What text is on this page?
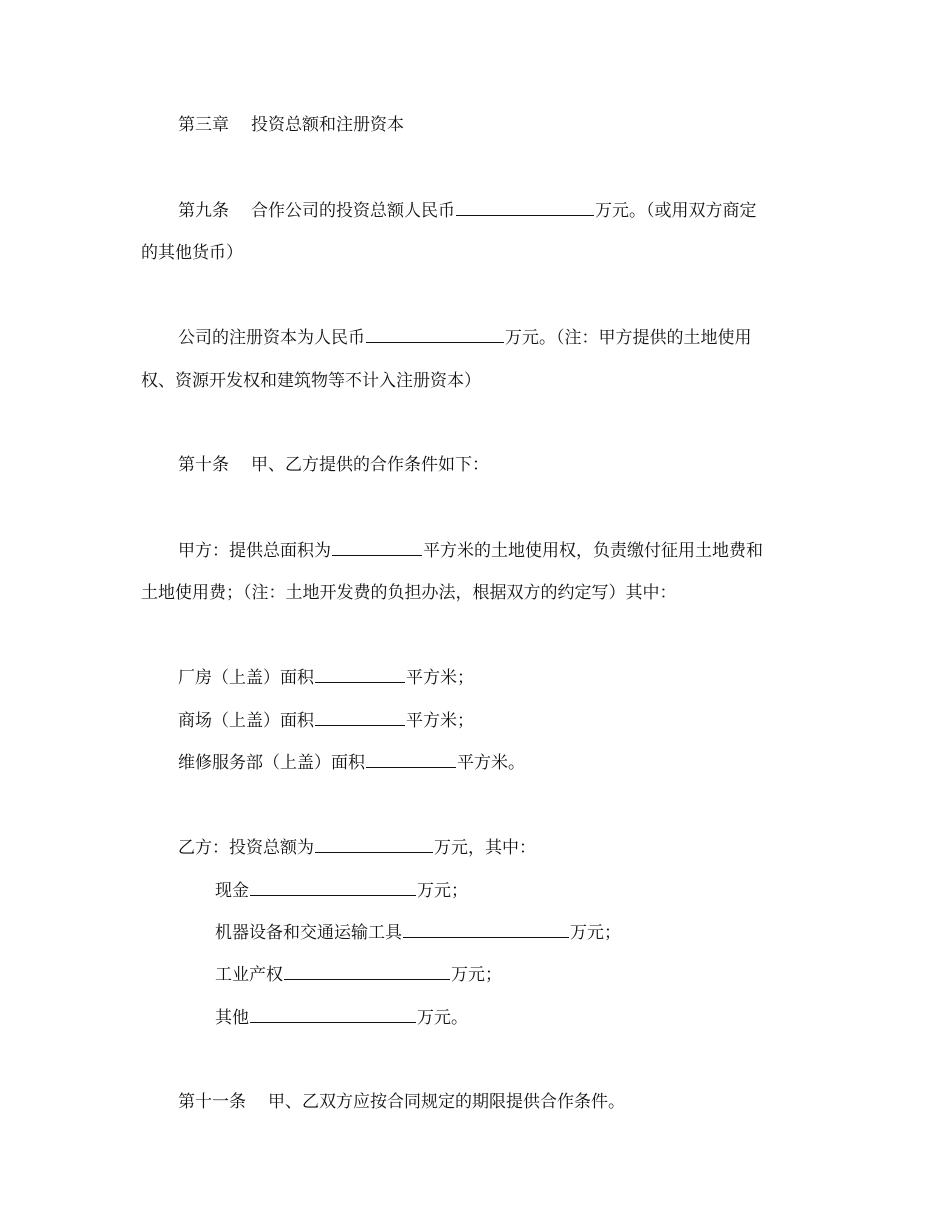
第三章 投资总额和注册资本
第九条 合作公司的投资总额人民币	万元。（或用双方商定
的其他货币）
公司的注册资本为人民币	万元。（注：甲方提供的土地使用
权、资源开发权和建筑物等不计入注册资本）
第十条 甲、乙方提供的合作条件如下：
甲方：提供总面积为	平方米的土地使用权，负责缴付征用土地费和
土地使用费；（注：土地开发费的负担办法，根据双方的约定写）其中：
厂房（上盖）面积	平方米；
商场（上盖）面积	平方米；
维修服务部（上盖）面积	平方米。
乙方：投资总额为	万元，其中：
现金	万元；
机器设备和交通运输工具	万元；
工业产权	万元；
其他	万元。
第十一条 甲、乙双方应按合同规定的期限提供合作条件。
